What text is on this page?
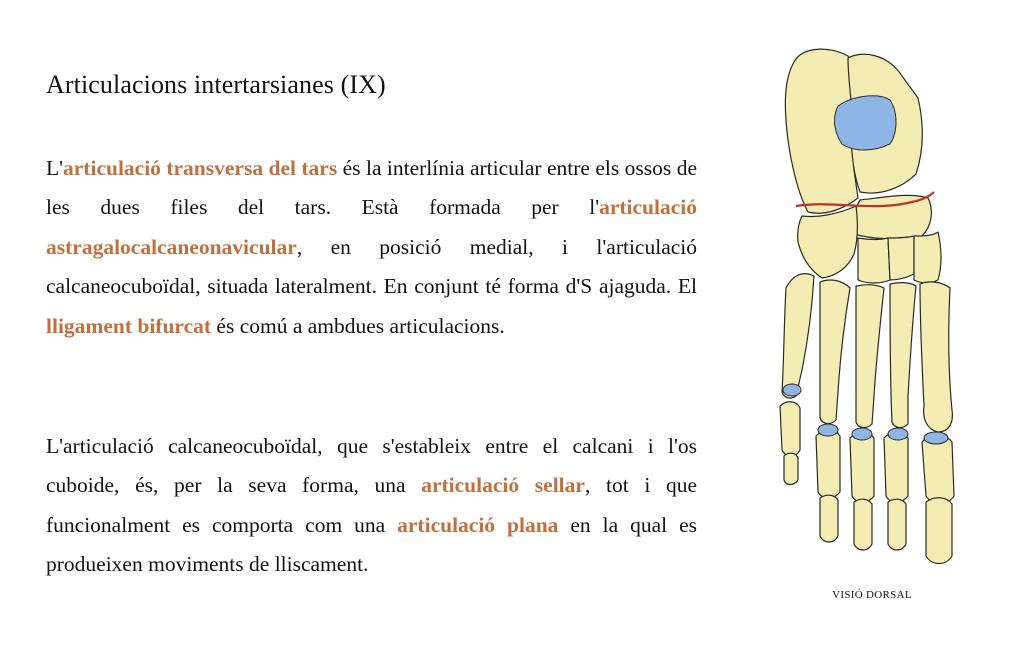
Articulacions intertarsianes (IX)

L'articulació transversa del tars és la interlínia articular entre els ossos de les dues files del tars. Està formada per l'articulació astragalocalcaneonavicular, en posició medial, i l'articulació calcaneocuboïdal, situada lateralment. En conjunt té forma d'S ajaguda. El lligament bifurcat és comú a ambdues articulacions.

L'articulació calcaneocuboïdal, que s'estableix entre el calcani i l'os cuboide, és, per la seva forma, una articulació sellar, tot i que funcionalment es comporta com una articulació plana en la qual es produeixen moviments de lliscament.

VISIÓ DORSAL
